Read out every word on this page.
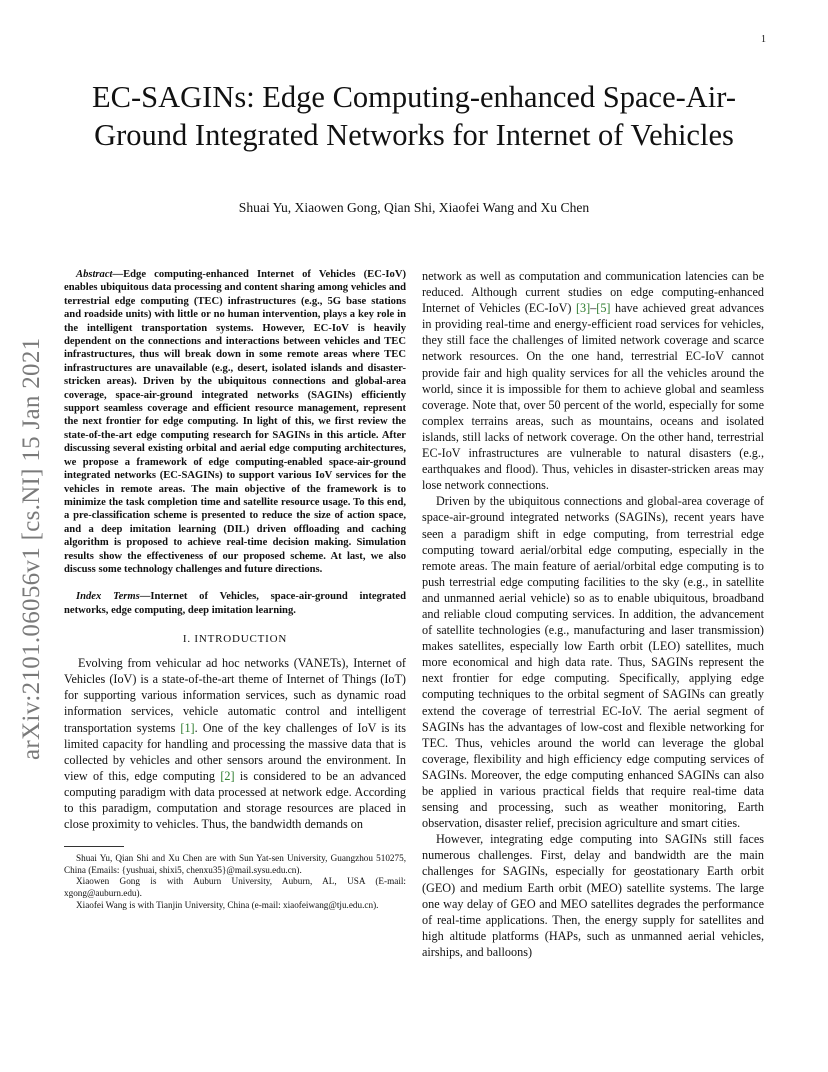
1
arXiv:2101.06056v1 [cs.NI] 15 Jan 2021
EC-SAGINs: Edge Computing-enhanced Space-Air-Ground Integrated Networks for Internet of Vehicles
Shuai Yu, Xiaowen Gong, Qian Shi, Xiaofei Wang and Xu Chen

Abstract—Edge computing-enhanced Internet of Vehicles (EC-IoV) enables ubiquitous data processing and content sharing among vehicles and terrestrial edge computing (TEC) infrastructures (e.g., 5G base stations and roadside units) with little or no human intervention, plays a key role in the intelligent transportation systems. However, EC-IoV is heavily dependent on the connections and interactions between vehicles and TEC infrastructures, thus will break down in some remote areas where TEC infrastructures are unavailable (e.g., desert, isolated islands and disaster-stricken areas). Driven by the ubiquitous connections and global-area coverage, space-air-ground integrated networks (SAGINs) efficiently support seamless coverage and efficient resource management, represent the next frontier for edge computing. In light of this, we first review the state-of-the-art edge computing research for SAGINs in this article. After discussing several existing orbital and aerial edge computing architectures, we propose a framework of edge computing-enabled space-air-ground integrated networks (EC-SAGINs) to support various IoV services for the vehicles in remote areas. The main objective of the framework is to minimize the task completion time and satellite resource usage. To this end, a pre-classification scheme is presented to reduce the size of action space, and a deep imitation learning (DIL) driven offloading and caching algorithm is proposed to achieve real-time decision making. Simulation results show the effectiveness of our proposed scheme. At last, we also discuss some technology challenges and future directions.

Index Terms—Internet of Vehicles, space-air-ground integrated networks, edge computing, deep imitation learning.

I. INTRODUCTION

Evolving from vehicular ad hoc networks (VANETs), Internet of Vehicles (IoV) is a state-of-the-art theme of Internet of Things (IoT) for supporting various information services, such as dynamic road information services, vehicle automatic control and intelligent transportation systems [1]. One of the key challenges of IoV is its limited capacity for handling and processing the massive data that is collected by vehicles and other sensors around the environment. In view of this, edge computing [2] is considered to be an advanced computing paradigm with data processed at network edge. According to this paradigm, computation and storage resources are placed in close proximity to vehicles. Thus, the bandwidth demands on

Shuai Yu, Qian Shi and Xu Chen are with Sun Yat-sen University, Guangzhou 510275, China (Emails: {yushuai, shixi5, chenxu35}@mail.sysu.edu.cn).

Xiaowen Gong is with Auburn University, Auburn, AL, USA (E-mail: xgong@auburn.edu).

Xiaofei Wang is with Tianjin University, China (e-mail: xiaofeiwang@tju.edu.cn).

network as well as computation and communication latencies can be reduced. Although current studies on edge computing-enhanced Internet of Vehicles (EC-IoV) [3]–[5] have achieved great advances in providing real-time and energy-efficient road services for vehicles, they still face the challenges of limited network coverage and scarce network resources. On the one hand, terrestrial EC-IoV cannot provide fair and high quality services for all the vehicles around the world, since it is impossible for them to achieve global and seamless coverage. Note that, over 50 percent of the world, especially for some complex terrains areas, such as mountains, oceans and isolated islands, still lacks of network coverage. On the other hand, terrestrial EC-IoV infrastructures are vulnerable to natural disasters (e.g., earthquakes and flood). Thus, vehicles in disaster-stricken areas may lose network connections.

Driven by the ubiquitous connections and global-area coverage of space-air-ground integrated networks (SAGINs), recent years have seen a paradigm shift in edge computing, from terrestrial edge computing toward aerial/orbital edge computing, especially in the remote areas. The main feature of aerial/orbital edge computing is to push terrestrial edge computing facilities to the sky (e.g., in satellite and unmanned aerial vehicle) so as to enable ubiquitous, broadband and reliable cloud computing services. In addition, the advancement of satellite technologies (e.g., manufacturing and laser transmission) makes satellites, especially low Earth orbit (LEO) satellites, much more economical and high data rate. Thus, SAGINs represent the next frontier for edge computing. Specifically, applying edge computing techniques to the orbital segment of SAGINs can greatly extend the coverage of terrestrial EC-IoV. The aerial segment of SAGINs has the advantages of low-cost and flexible networking for TEC. Thus, vehicles around the world can leverage the global coverage, flexibility and high efficiency edge computing services of SAGINs. Moreover, the edge computing enhanced SAGINs can also be applied in various practical fields that require real-time data sensing and processing, such as weather monitoring, Earth observation, disaster relief, precision agriculture and smart cities.

However, integrating edge computing into SAGINs still faces numerous challenges. First, delay and bandwidth are the main challenges for SAGINs, especially for geostationary Earth orbit (GEO) and medium Earth orbit (MEO) satellite systems. The large one way delay of GEO and MEO satellites degrades the performance of real-time applications. Then, the energy supply for satellites and high altitude platforms (HAPs, such as unmanned aerial vehicles, airships, and balloons)
